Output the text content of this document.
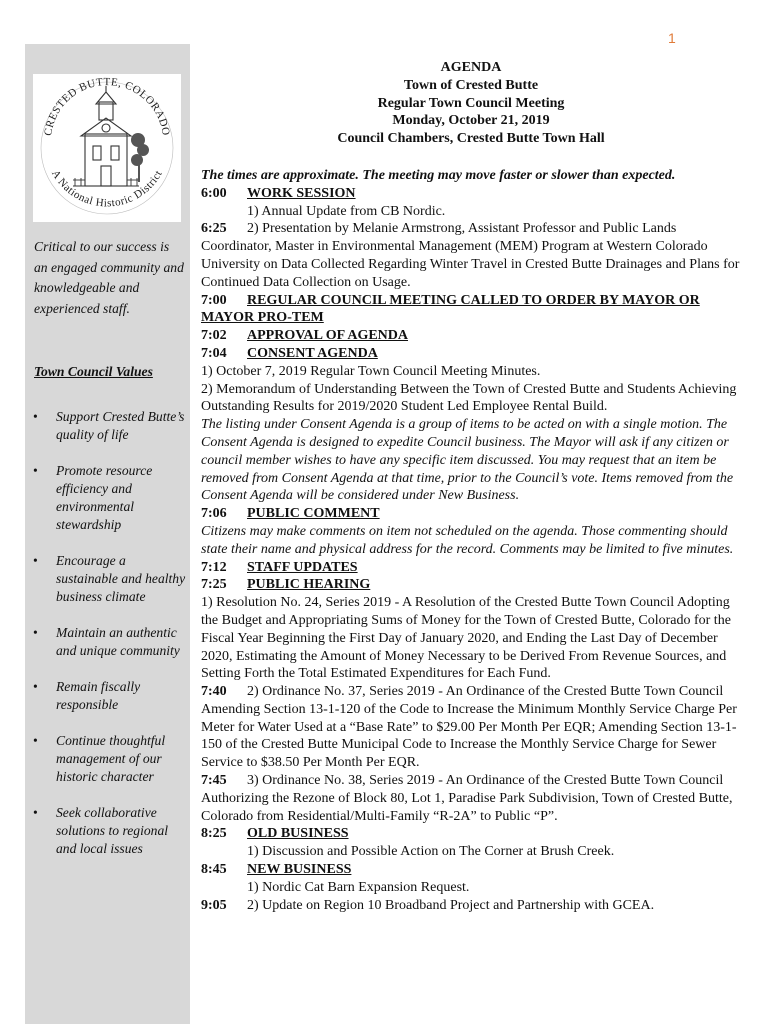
1
CRESTED BUTTE, COLORADO
A National Historic District

Critical to our success is an engaged community and knowledgeable and experienced staff.

Town Council Values
• Support Crested Butte’s quality of life
• Promote resource efficiency and environmental stewardship
• Encourage a sustainable and healthy business climate
• Maintain an authentic and unique community
• Remain fiscally responsible
• Continue thoughtful management of our historic character
• Seek collaborative solutions to regional and local issues
AGENDA
Town of Crested Butte
Regular Town Council Meeting
Monday, October 21, 2019
Council Chambers, Crested Butte Town Hall

The times are approximate. The meeting may move faster or slower than expected.

6:00 WORK SESSION

1) Annual Update from CB Nordic.

6:25 2) Presentation by Melanie Armstrong, Assistant Professor and Public Lands Coordinator, Master in Environmental Management (MEM) Program at Western Colorado University on Data Collected Regarding Winter Travel in Crested Butte Drainages and Plans for Continued Data Collection on Usage.

7:00 REGULAR COUNCIL MEETING CALLED TO ORDER BY MAYOR OR MAYOR PRO-TEM
7:02 APPROVAL OF AGENDA
7:04 CONSENT AGENDA

1) October 7, 2019 Regular Town Council Meeting Minutes.

2) Memorandum of Understanding Between the Town of Crested Butte and Students Achieving Outstanding Results for 2019/2020 Student Led Employee Rental Build.

The listing under Consent Agenda is a group of items to be acted on with a single motion. The Consent Agenda is designed to expedite Council business. The Mayor will ask if any citizen or council member wishes to have any specific item discussed. You may request that an item be removed from Consent Agenda at that time, prior to the Council’s vote. Items removed from the Consent Agenda will be considered under New Business.

7:06 PUBLIC COMMENT

Citizens may make comments on item not scheduled on the agenda. Those commenting should state their name and physical address for the record. Comments may be limited to five minutes.

7:12 STAFF UPDATES
7:25 PUBLIC HEARING

1) Resolution No. 24, Series 2019 - A Resolution of the Crested Butte Town Council Adopting the Budget and Appropriating Sums of Money for the Town of Crested Butte, Colorado for the Fiscal Year Beginning the First Day of January 2020, and Ending the Last Day of December 2020, Estimating the Amount of Money Necessary to be Derived From Revenue Sources, and Setting Forth the Total Estimated Expenditures for Each Fund.

7:40 2) Ordinance No. 37, Series 2019 - An Ordinance of the Crested Butte Town Council Amending Section 13-1-120 of the Code to Increase the Minimum Monthly Service Charge Per Meter for Water Used at a “Base Rate” to $29.00 Per Month Per EQR; Amending Section 13-1-150 of the Crested Butte Municipal Code to Increase the Monthly Service Charge for Sewer Service to $38.50 Per Month Per EQR.

7:45 3) Ordinance No. 38, Series 2019 - An Ordinance of the Crested Butte Town Council Authorizing the Rezone of Block 80, Lot 1, Paradise Park Subdivision, Town of Crested Butte, Colorado from Residential/Multi-Family “R-2A” to Public “P”.

8:25 OLD BUSINESS

1) Discussion and Possible Action on The Corner at Brush Creek.

8:45 NEW BUSINESS

1) Nordic Cat Barn Expansion Request.

9:05 2) Update on Region 10 Broadband Project and Partnership with GCEA.
